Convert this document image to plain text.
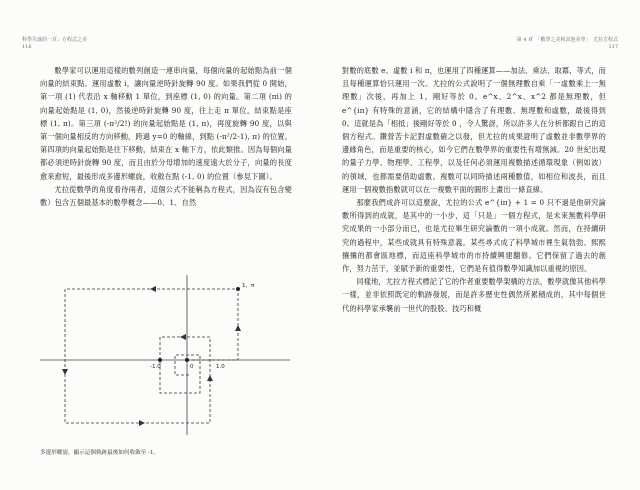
科學失落的一頁：方程式之美
116

數學家可以運用這樣的數列創造一連串向量，每個向量的起始點為前一個向量的結束點。運用虛數 i，讓向量逆時針旋轉 90 度。如果我們從 0 開始，第一項 (1) 代表沿 x 軸移動 1 單位，到座標 (1, 0) 的向量。第二項 (πi) 的向量起始點是 (1, 0)，然後逆時針旋轉 90 度，往上走 π 單位，結束點是座標 (1, π)。第三項 (-π²/2!) 的向量起始點是 (1, π)，再度旋轉 90 度，以與第一個向量相反的方向移動，跨過 y=0 的軸線，到點 (-π²/2-1), π) 的位置。第四項的向量起始點是往下移動，結束在 x 軸下方，依此類推。因為每個向量都必須逆時針旋轉 90 度，而且由於分母增加的速度遠大於分子，向量的長度愈來愈短，最後形成多邊形螺旋，收斂在點 (-1, 0) 的位置（參見下圖）。

尤拉從數學的角度看待兩者，這個公式不能稱為方程式，因為沒有包含變數）包含五個最基本的數學概念——0、1、自然

1，π
0
-1.0	1.0
多邊形螺旋，顯示這個軌跡最後如何收斂至 -1。
第 4 章　「數學之美和其他美學」　尤拉方程式
117

對數的底數 e、虛數 i 和 π，也運用了四種運算——加法、乘法、取冪，等式，而且每種運算恰只運用一次。尤拉的公式說明了一個無理數自乘「一虛數乘上一無理數」次後，再加上 1，剛好等於 0。e^x、2^x、x^2 都是無理數，但 e^{iπ} 有特殊的意涵，它的結構中隱含了有理數、無理數和虛數，最後得到 0。這就是為「相抵」後剛好等於 0 ，令人驚訝，所以許多人在分析都跟自己的這個方程式。鑽營苦卡記對虛數確之以發，但尤拉的成果證明了虛數並非數學界的邊緣角色，而是重要的核心，如今它們在數學界的重要性有增無減。20 世紀出現的量子力學、物理學、工程學，以及任何必須運用複數描述循環現象（例如波）的領域，也都需要借助虛數。複數可以同時描述兩種數值，如相位和波長，而且運用一個複數指數就可以在一複數平面的圓形上畫出一條直線。

那麼我們成許可以這麼說，尤拉的公式 e^{iπ} + 1 = 0 只不過是他研究論數所得到的成就，是其中的一小步，這「只是」一個方程式，是未來無數科學研究成果的一小部分而已，也是尤拉畢生研究論數的一項小成就。然而，在持續研究的過程中，某些成就具有特殊意義。某些尋式成了科學城市裡生氣勃勃、熙熙攘攘的都會區地標，而這座科學城市的市持續興建翻修。它們保留了過去的創作，努力茁于，並賦予新的重要性，它們是有值得數學知識加以重視的原因。

同樣地，尤拉方程式標記了它的作者重要數學架構的方法，數學就像其他科學一樣，並非依照既定的軌跡發展，而是許多歷史性偶然所累積成的，其中每個世代的科學家承襲前一世代的股股、技巧和概
